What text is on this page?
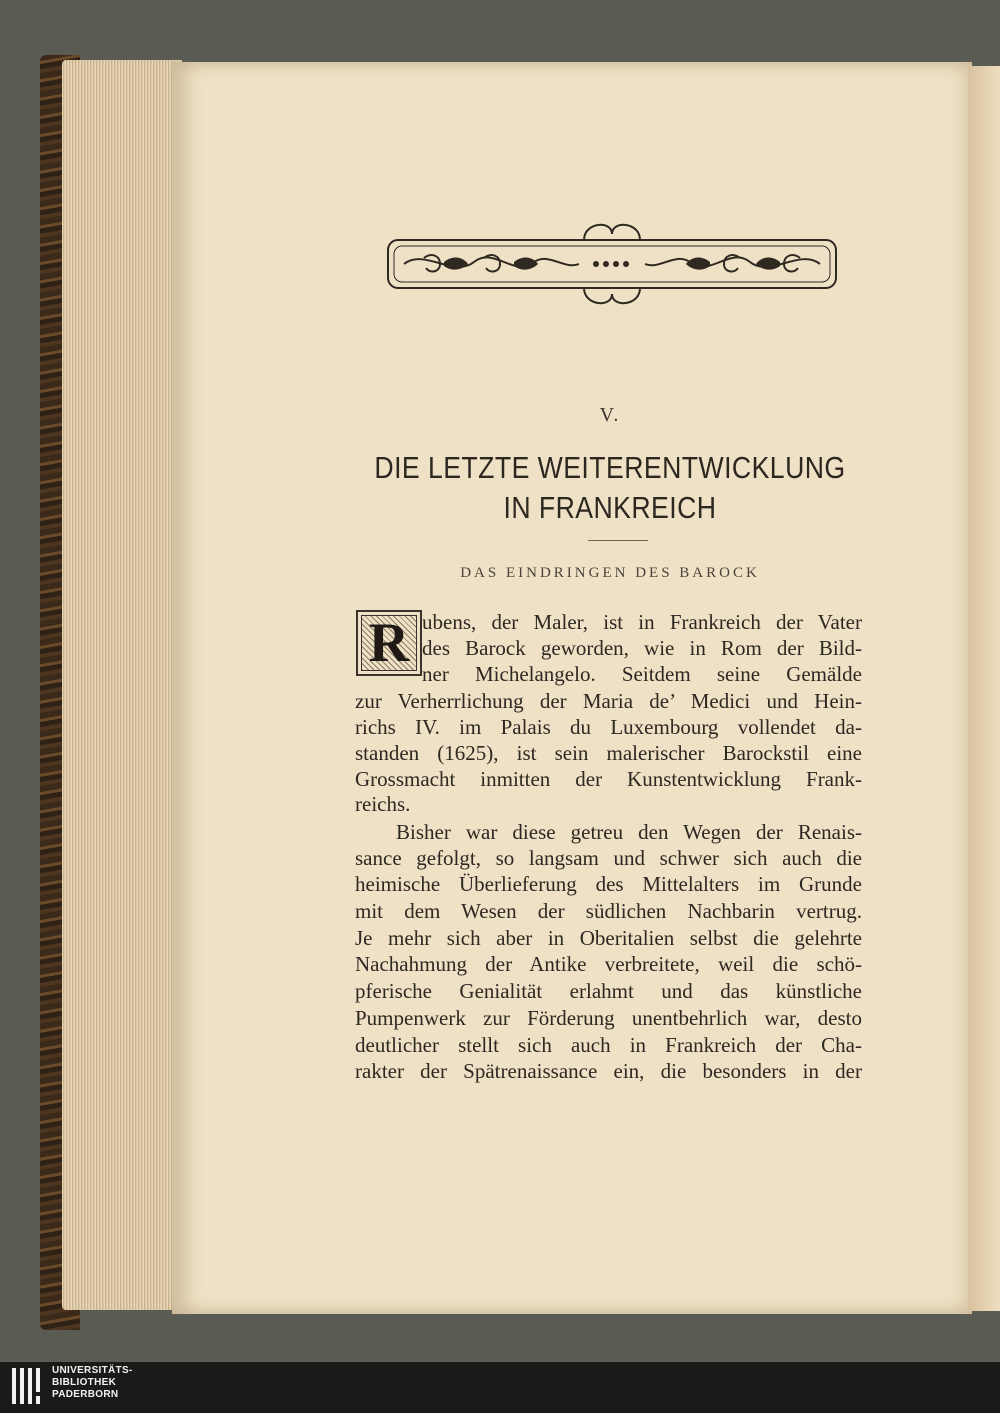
V.
DIE LETZTE WEITERENTWICKLUNG
IN FRANKREICH
DAS EINDRINGEN DES BAROCK
R ubens, der Maler, ist in Frankreich der Vater
des Barock geworden, wie in Rom der Bild-
ner Michelangelo. Seitdem seine Gemälde
zur Verherrlichung der Maria de’ Medici und Hein-
richs IV. im Palais du Luxembourg vollendet da-
standen (1625), ist sein malerischer Barockstil eine
Grossmacht inmitten der Kunstentwicklung Frank-
reichs.
Bisher war diese getreu den Wegen der Renais-
sance gefolgt, so langsam und schwer sich auch die
heimische Überlieferung des Mittelalters im Grunde
mit dem Wesen der südlichen Nachbarin vertrug.
Je mehr sich aber in Oberitalien selbst die gelehrte
Nachahmung der Antike verbreitete, weil die schö-
pferische Genialität erlahmt und das künstliche
Pumpenwerk zur Förderung unentbehrlich war, desto
deutlicher stellt sich auch in Frankreich der Cha-
rakter der Spätrenaissance ein, die besonders in der
UNIVERSITÄTS-
BIBLIOTHEK
PADERBORN
